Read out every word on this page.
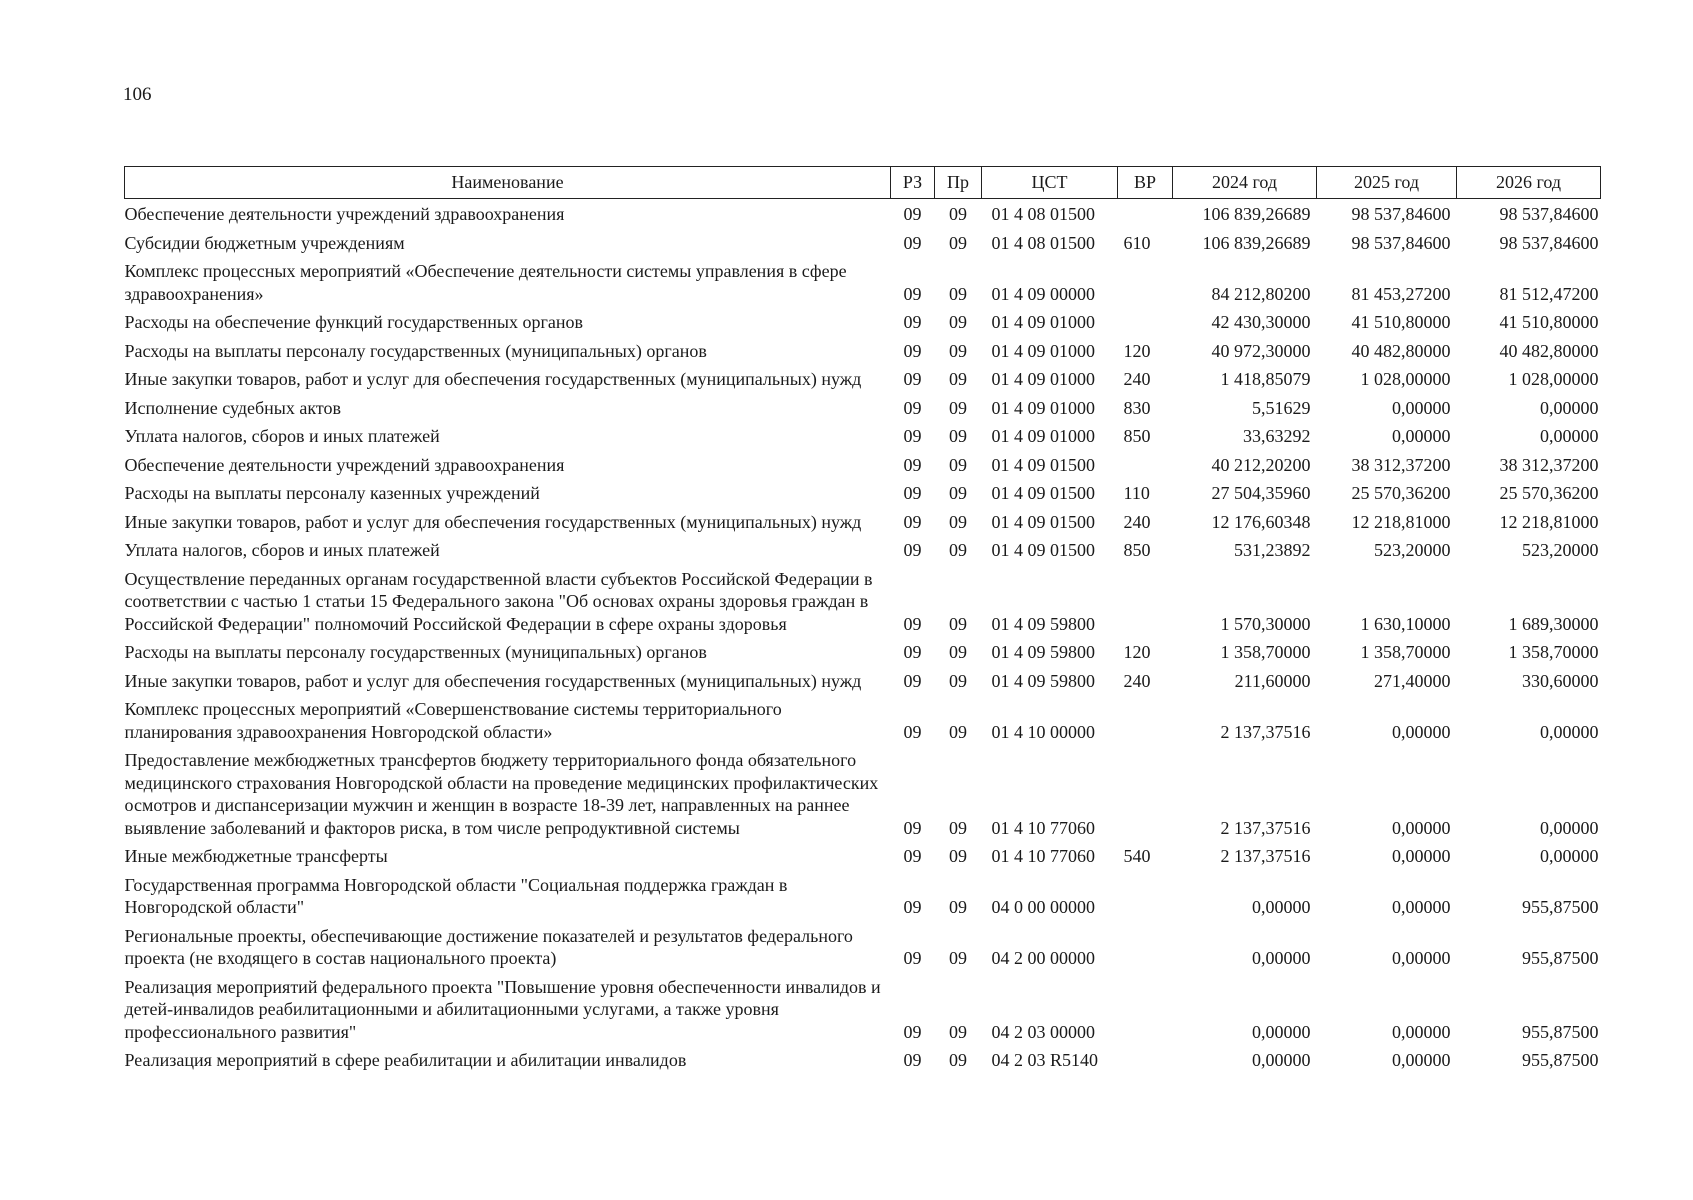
106
Наименование	РЗ	Пр	ЦСТ	ВР	2024 год	2025 год	2026 год
Обеспечение деятельности учреждений здравоохранения	09	09	01 4 08 01500		106 839,26689	98 537,84600	98 537,84600
Субсидии бюджетным учреждениям	09	09	01 4 08 01500	610	106 839,26689	98 537,84600	98 537,84600
Комплекс процессных мероприятий «Обеспечение деятельности системы управления в сфере здравоохранения»	09	09	01 4 09 00000		84 212,80200	81 453,27200	81 512,47200
Расходы на обеспечение функций государственных органов	09	09	01 4 09 01000		42 430,30000	41 510,80000	41 510,80000
Расходы на выплаты персоналу государственных (муниципальных) органов	09	09	01 4 09 01000	120	40 972,30000	40 482,80000	40 482,80000
Иные закупки товаров, работ и услуг для обеспечения государственных (муниципальных) нужд	09	09	01 4 09 01000	240	1 418,85079	1 028,00000	1 028,00000
Исполнение судебных актов	09	09	01 4 09 01000	830	5,51629	0,00000	0,00000
Уплата налогов, сборов и иных платежей	09	09	01 4 09 01000	850	33,63292	0,00000	0,00000
Обеспечение деятельности учреждений здравоохранения	09	09	01 4 09 01500		40 212,20200	38 312,37200	38 312,37200
Расходы на выплаты персоналу казенных учреждений	09	09	01 4 09 01500	110	27 504,35960	25 570,36200	25 570,36200
Иные закупки товаров, работ и услуг для обеспечения государственных (муниципальных) нужд	09	09	01 4 09 01500	240	12 176,60348	12 218,81000	12 218,81000
Уплата налогов, сборов и иных платежей	09	09	01 4 09 01500	850	531,23892	523,20000	523,20000
Осуществление переданных органам государственной власти субъектов Российской Федерации в соответствии с частью 1 статьи 15 Федерального закона "Об основах охраны здоровья граждан в Российской Федерации" полномочий Российской Федерации в сфере охраны здоровья	09	09	01 4 09 59800		1 570,30000	1 630,10000	1 689,30000
Расходы на выплаты персоналу государственных (муниципальных) органов	09	09	01 4 09 59800	120	1 358,70000	1 358,70000	1 358,70000
Иные закупки товаров, работ и услуг для обеспечения государственных (муниципальных) нужд	09	09	01 4 09 59800	240	211,60000	271,40000	330,60000
Комплекс процессных мероприятий «Совершенствование системы территориального планирования здравоохранения Новгородской области»	09	09	01 4 10 00000		2 137,37516	0,00000	0,00000
Предоставление межбюджетных трансфертов бюджету территориального фонда обязательного медицинского страхования Новгородской области на проведение медицинских профилактических осмотров и диспансеризации мужчин и женщин в возрасте 18-39 лет, направленных на раннее выявление заболеваний и факторов риска, в том числе репродуктивной системы	09	09	01 4 10 77060		2 137,37516	0,00000	0,00000
Иные межбюджетные трансферты	09	09	01 4 10 77060	540	2 137,37516	0,00000	0,00000
Государственная программа Новгородской области "Социальная поддержка граждан в Новгородской области"	09	09	04 0 00 00000		0,00000	0,00000	955,87500
Региональные проекты, обеспечивающие достижение показателей и результатов федерального проекта (не входящего в состав национального проекта)	09	09	04 2 00 00000		0,00000	0,00000	955,87500
Реализация мероприятий федерального проекта "Повышение уровня обеспеченности инвалидов и детей-инвалидов реабилитационными и абилитационными услугами, а также уровня профессионального развития"	09	09	04 2 03 00000		0,00000	0,00000	955,87500
Реализация мероприятий в сфере реабилитации и абилитации инвалидов	09	09	04 2 03 R5140		0,00000	0,00000	955,87500
